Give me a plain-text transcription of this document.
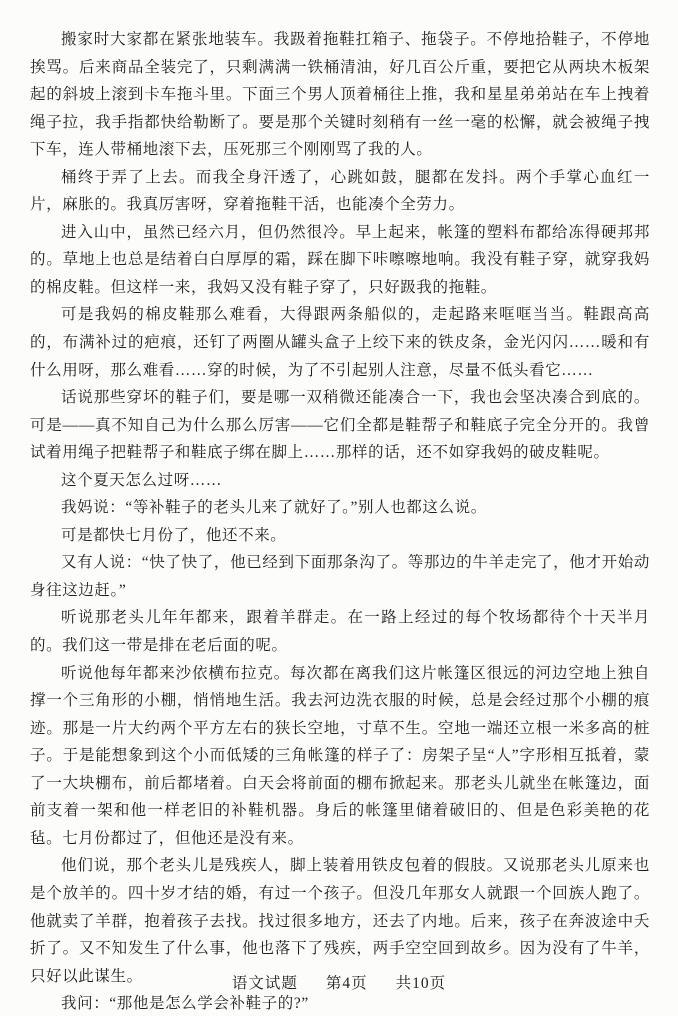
搬家时大家都在紧张地装车。我趿着拖鞋扛箱子、拖袋子。不停地拾鞋子，不停地挨骂。后来商品全装完了，只剩满满一铁桶清油，好几百公斤重，要把它从两块木板架起的斜坡上滚到卡车拖斗里。下面三个男人顶着桶往上推，我和星星弟弟站在车上拽着绳子拉，我手指都快给勒断了。要是那个关键时刻稍有一丝一毫的松懈，就会被绳子拽下车，连人带桶地滚下去，压死那三个刚刚骂了我的人。

桶终于弄了上去。而我全身汗透了，心跳如鼓，腿都在发抖。两个手掌心血红一片，麻胀的。我真厉害呀，穿着拖鞋干活，也能凑个全劳力。

进入山中，虽然已经六月，但仍然很冷。早上起来，帐篷的塑料布都给冻得硬邦邦的。草地上也总是结着白白厚厚的霜，踩在脚下咔嚓嚓地响。我没有鞋子穿，就穿我妈的棉皮鞋。但这样一来，我妈又没有鞋子穿了，只好趿我的拖鞋。

可是我妈的棉皮鞋那么难看，大得跟两条船似的，走起路来哐哐当当。鞋跟高高的，布满补过的疤痕，还钉了两圈从罐头盒子上绞下来的铁皮条，金光闪闪……暖和有什么用呀，那么难看……穿的时候，为了不引起别人注意，尽量不低头看它……

话说那些穿坏的鞋子们，要是哪一双稍微还能凑合一下，我也会坚决凑合到底的。可是——真不知自己为什么那么厉害——它们全都是鞋帮子和鞋底子完全分开的。我曾试着用绳子把鞋帮子和鞋底子绑在脚上……那样的话，还不如穿我妈的破皮鞋呢。

这个夏天怎么过呀……

我妈说：“等补鞋子的老头儿来了就好了。”别人也都这么说。

可是都快七月份了，他还不来。

又有人说：“快了快了，他已经到下面那条沟了。等那边的牛羊走完了，他才开始动身往这边赶。”

听说那老头儿年年都来，跟着羊群走。在一路上经过的每个牧场都待个十天半月的。我们这一带是排在老后面的呢。

听说他每年都来沙依横布拉克。每次都在离我们这片帐篷区很远的河边空地上独自撑一个三角形的小棚，悄悄地生活。我去河边洗衣服的时候，总是会经过那个小棚的痕迹。那是一片大约两个平方左右的狭长空地，寸草不生。空地一端还立根一米多高的桩子。于是能想象到这个小而低矮的三角帐篷的样子了：房架子呈“人”字形相互抵着，蒙了一大块棚布，前后都堵着。白天会将前面的棚布掀起来。那老头儿就坐在帐篷边，面前支着一架和他一样老旧的补鞋机器。身后的帐篷里储着破旧的、但是色彩美艳的花毡。七月份都过了，但他还是没有来。

他们说，那个老头儿是残疾人，脚上装着用铁皮包着的假肢。又说那老头儿原来也是个放羊的。四十岁才结的婚，有过一个孩子。但没几年那女人就跟一个回族人跑了。他就卖了羊群，抱着孩子去找。找过很多地方，还去了内地。后来，孩子在奔波途中夭折了。又不知发生了什么事，他也落下了残疾，两手空空回到故乡。因为没有了牛羊，只好以此谋生。

我问：“那他是怎么学会补鞋子的?”

语文试题 第4页 共10页
